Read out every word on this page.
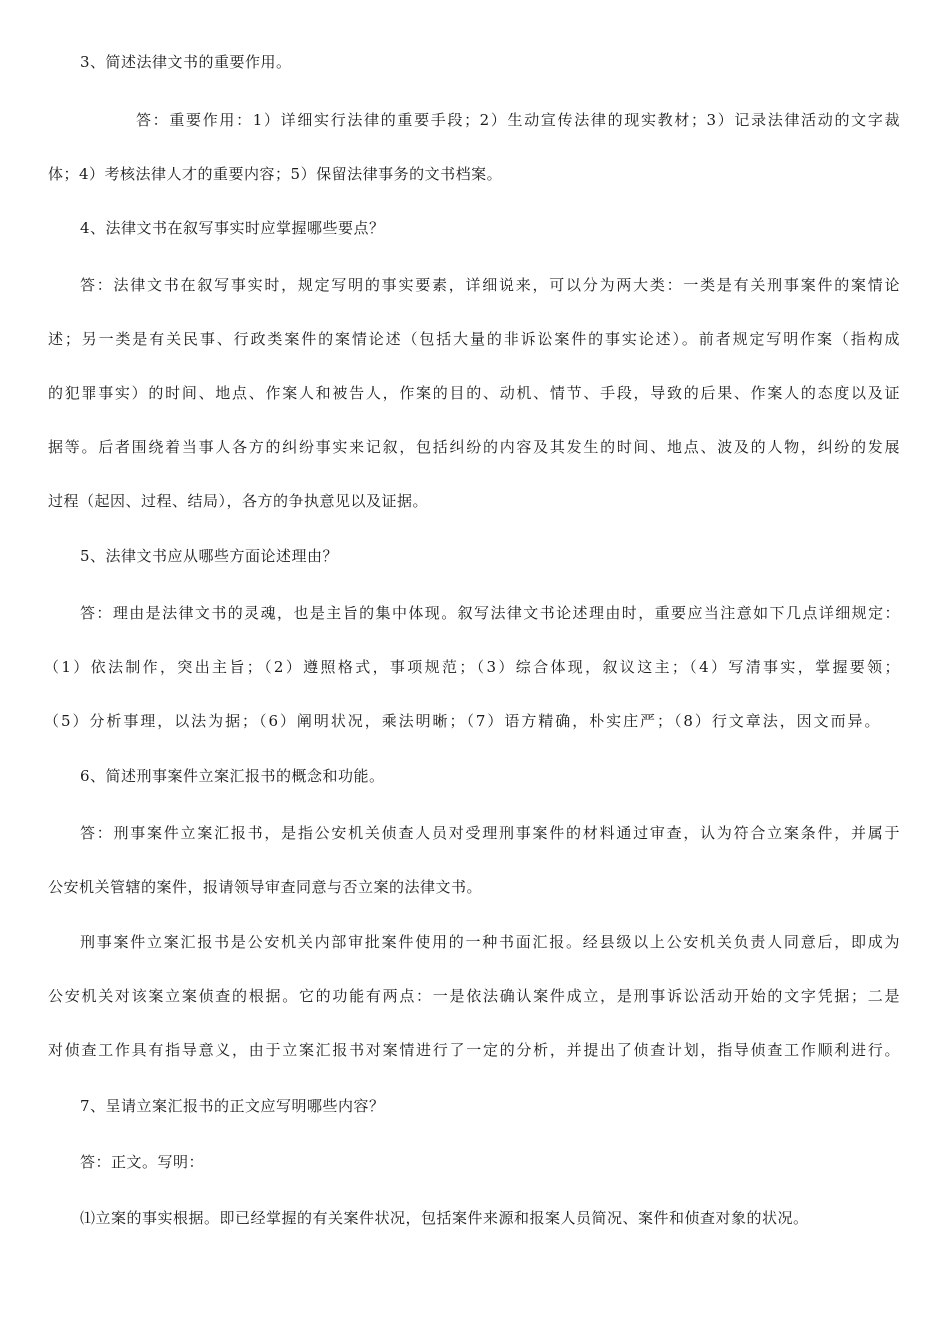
3、简述法律文书的重要作用。
答：重要作用：1）详细实行法律的重要手段；2）生动宣传法律的现实教材；3）记录法律活动的文字裁
体；4）考核法律人才的重要内容；5）保留法律事务的文书档案。
4、法律文书在叙写事实时应掌握哪些要点？
答：法律文书在叙写事实时，规定写明的事实要素，详细说来，可以分为两大类：一类是有关刑事案件的案情论
述；另一类是有关民事、行政类案件的案情论述（包括大量的非诉讼案件的事实论述）。前者规定写明作案（指构成
的犯罪事实）的时间、地点、作案人和被告人，作案的目的、动机、情节、手段，导致的后果、作案人的态度以及证
据等。后者围绕着当事人各方的纠纷事实来记叙，包括纠纷的内容及其发生的时间、地点、波及的人物，纠纷的发展
过程（起因、过程、结局），各方的争执意见以及证据。
5、法律文书应从哪些方面论述理由？
答：理由是法律文书的灵魂，也是主旨的集中体现。叙写法律文书论述理由时，重要应当注意如下几点详细规定：
（1）依法制作，突出主旨；（2）遵照格式，事项规范；（3）综合体现，叙议这主；（4）写清事实，掌握要领；
（5）分析事理，以法为据；（6）阐明状况，乘法明晰；（7）语方精确，朴实庄严；（8）行文章法，因文而异。
6、简述刑事案件立案汇报书的概念和功能。
答：刑事案件立案汇报书，是指公安机关侦查人员对受理刑事案件的材料通过审查，认为符合立案条件，并属于
公安机关管辖的案件，报请领导审查同意与否立案的法律文书。
刑事案件立案汇报书是公安机关内部审批案件使用的一种书面汇报。经县级以上公安机关负责人同意后，即成为
公安机关对该案立案侦查的根据。它的功能有两点：一是依法确认案件成立，是刑事诉讼活动开始的文字凭据；二是
对侦查工作具有指导意义，由于立案汇报书对案情进行了一定的分析，并提出了侦查计划，指导侦查工作顺利进行。
7、呈请立案汇报书的正文应写明哪些内容？
答：正文。写明：
⑴立案的事实根据。即已经掌握的有关案件状况，包括案件来源和报案人员简况、案件和侦查对象的状况。
